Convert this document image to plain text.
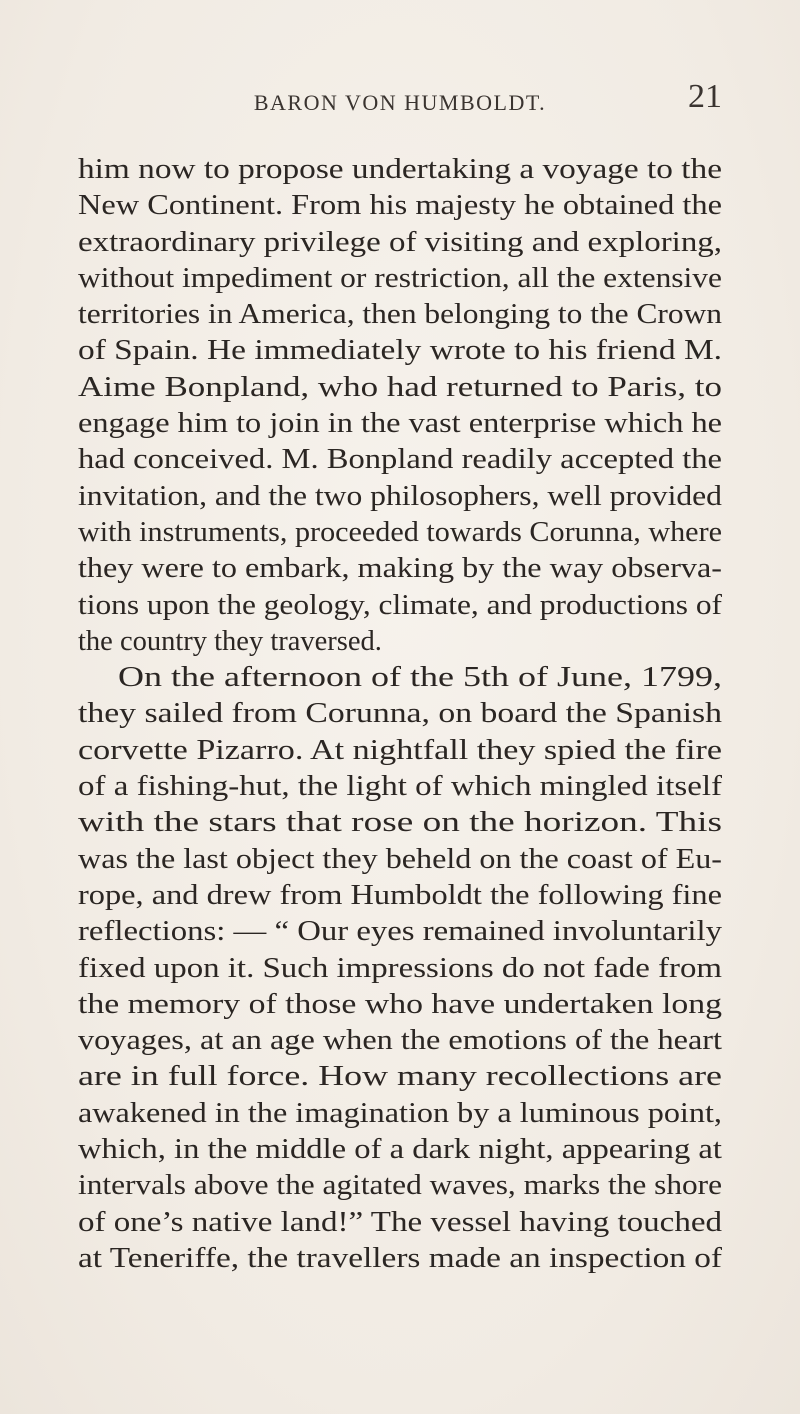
BARON VON HUMBOLDT.	21
him now to propose undertaking a voyage to the
New Continent. From his majesty he obtained the
extraordinary privilege of visiting and exploring,
without impediment or restriction, all the extensive
territories in America, then belonging to the Crown
of Spain. He immediately wrote to his friend M.
Aime Bonpland, who had returned to Paris, to
engage him to join in the vast enterprise which he
had conceived. M. Bonpland readily accepted the
invitation, and the two philosophers, well provided
with instruments, proceeded towards Corunna, where
they were to embark, making by the way observa-
tions upon the geology, climate, and productions of
the country they traversed.
On the afternoon of the 5th of June, 1799,
they sailed from Corunna, on board the Spanish
corvette Pizarro. At nightfall they spied the fire
of a fishing-hut, the light of which mingled itself
with the stars that rose on the horizon. This
was the last object they beheld on the coast of Eu-
rope, and drew from Humboldt the following fine
reflections: — “ Our eyes remained involuntarily
fixed upon it. Such impressions do not fade from
the memory of those who have undertaken long
voyages, at an age when the emotions of the heart
are in full force. How many recollections are
awakened in the imagination by a luminous point,
which, in the middle of a dark night, appearing at
intervals above the agitated waves, marks the shore
of one’s native land!” The vessel having touched
at Teneriffe, the travellers made an inspection of
